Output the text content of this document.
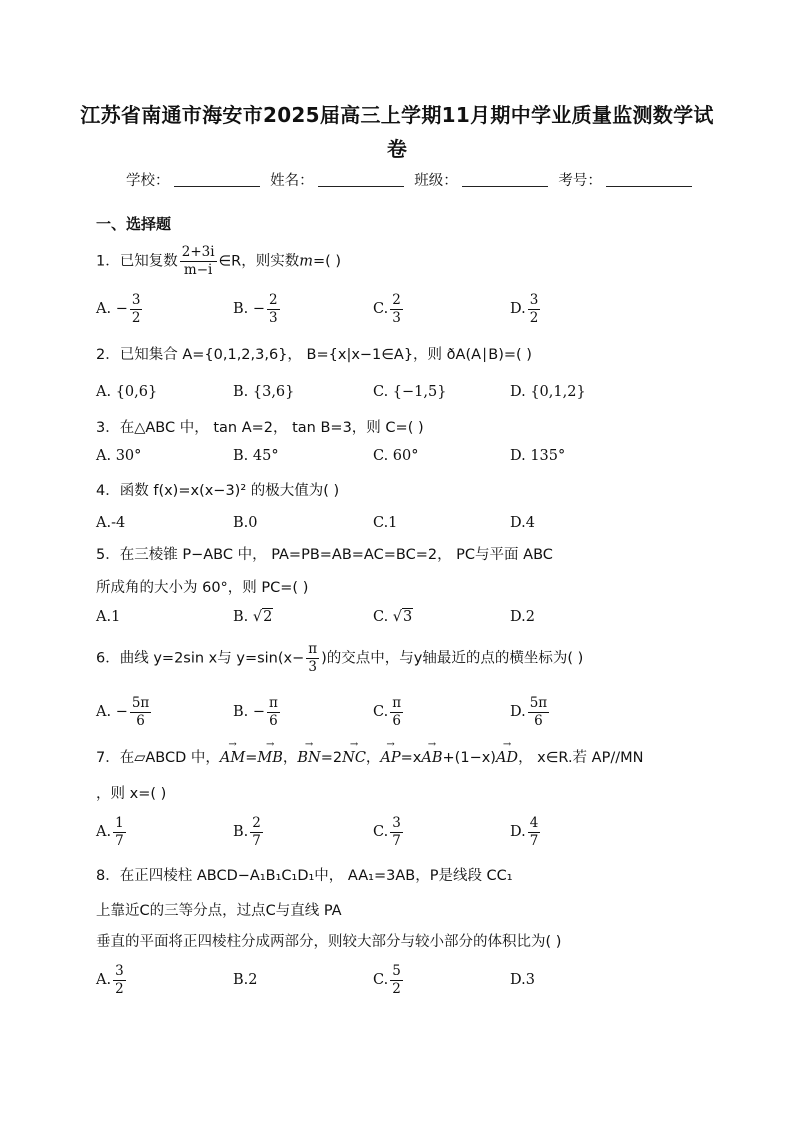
江苏省南通市海安市2025届高三上学期11月期中学业质量监测数学试
卷
学校：	姓名：	班级：	考号：
一、选择题
1．已知复数 $\frac{2+3i}{m-i}$ ∈R，则实数m=( )
A. − $\frac{3}{2}$	B. − $\frac{2}{3}$	C. $\frac{2}{3}$	D. $\frac{3}{2}$
2．已知集合 A={0,1,2,3,6}， B={x|x−1∈A}，则 ðA(A∣B)=( )
A. {0,6}	B. {3,6}	C. {−1,5}	D. {0,1,2}
3．在△ABC 中， tan A=2， tan B=3，则 C=( )
A. 30°	B. 45°	C. 60°	D. 135°
4．函数 f(x)=x(x−3)² 的极大值为( )
A.-4	B.0	C.1	D.4
5．在三棱锥 P−ABC 中， PA=PB=AB=AC=BC=2， PC与平面 ABC
所成角的大小为 60°，则 PC=( )
A.1	B.
√2	C.
√3	D.2
6．曲线 y=2sin x与 $y=\sin(x- \frac{\pi}{3}$ )的交点中，与y轴最近的点的横坐标为( )
A. − $\frac{5\pi}{6}$	B. − $\frac{\pi}{6}$	C. $\frac{\pi}{6}$	D. $\frac{5\pi}{6}$
7．在▱ABCD 中，→ AM=→ MB，→ BN=2→ NC，→ AP=x→ AB+(1−x)→ AD， x∈R.若 AP//MN
，则 x=( )
A. $\frac{1}{7}$	B. $\frac{2}{7}$	C. $\frac{3}{7}$	D. $\frac{4}{7}$
8．在正四棱柱 ABCD−A₁B₁C₁D₁中， AA₁=3AB，P是线段 CC₁
上靠近C的三等分点，过点C与直线 PA
垂直的平面将正四棱柱分成两部分，则较大部分与较小部分的体积比为( )
A. $\frac{3}{2}$	B.2	C. $\frac{5}{2}$	D.3
